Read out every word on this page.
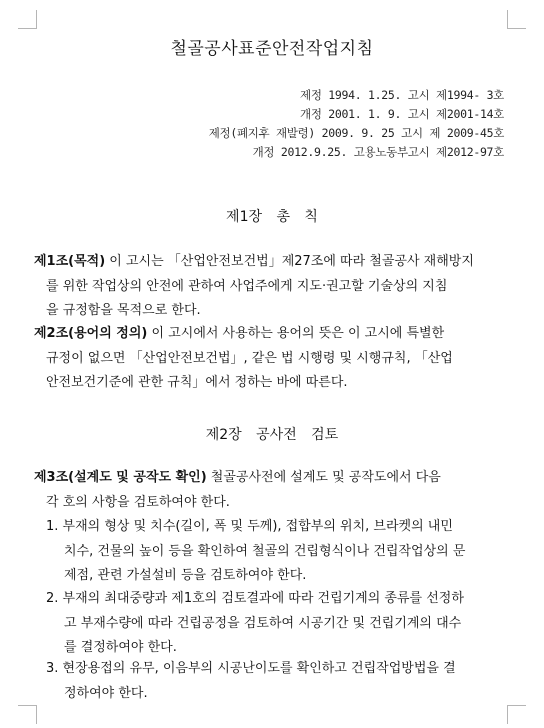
철골공사표준안전작업지침
제정 1994. 1.25. 고시 제1994- 3호
개정 2001. 1. 9. 고시 제2001-14호
제정(폐지후 재발령) 2009. 9. 25 고시 제 2009-45호
개정 2012.9.25. 고용노동부고시 제2012-97호
제1장 총 칙
제1조(목적) 이 고시는 「산업안전보건법」제27조에 따라 철골공사 재해방지
를 위한 작업상의 안전에 관하여 사업주에게 지도·권고할 기술상의 지침
을 규정함을 목적으로 한다.
제2조(용어의 정의) 이 고시에서 사용하는 용어의 뜻은 이 고시에 특별한
규정이 없으면 「산업안전보건법」, 같은 법 시행령 및 시행규칙, 「산업
안전보건기준에 관한 규칙」에서 정하는 바에 따른다.
제2장 공사전 검토
제3조(설계도 및 공작도 확인) 철골공사전에 설계도 및 공작도에서 다음
각 호의 사항을 검토하여야 한다.
1. 부재의 형상 및 치수(길이, 폭 및 두께), 접합부의 위치, 브라켓의 내민
치수, 건물의 높이 등을 확인하여 철골의 건립형식이나 건립작업상의 문
제점, 관련 가설설비 등을 검토하여야 한다.
2. 부재의 최대중량과 제1호의 검토결과에 따라 건립기계의 종류를 선정하
고 부재수량에 따라 건립공정을 검토하여 시공기간 및 건립기계의 대수
를 결정하여야 한다.
3. 현장용접의 유무, 이음부의 시공난이도를 확인하고 건립작업방법을 결
정하여야 한다.
